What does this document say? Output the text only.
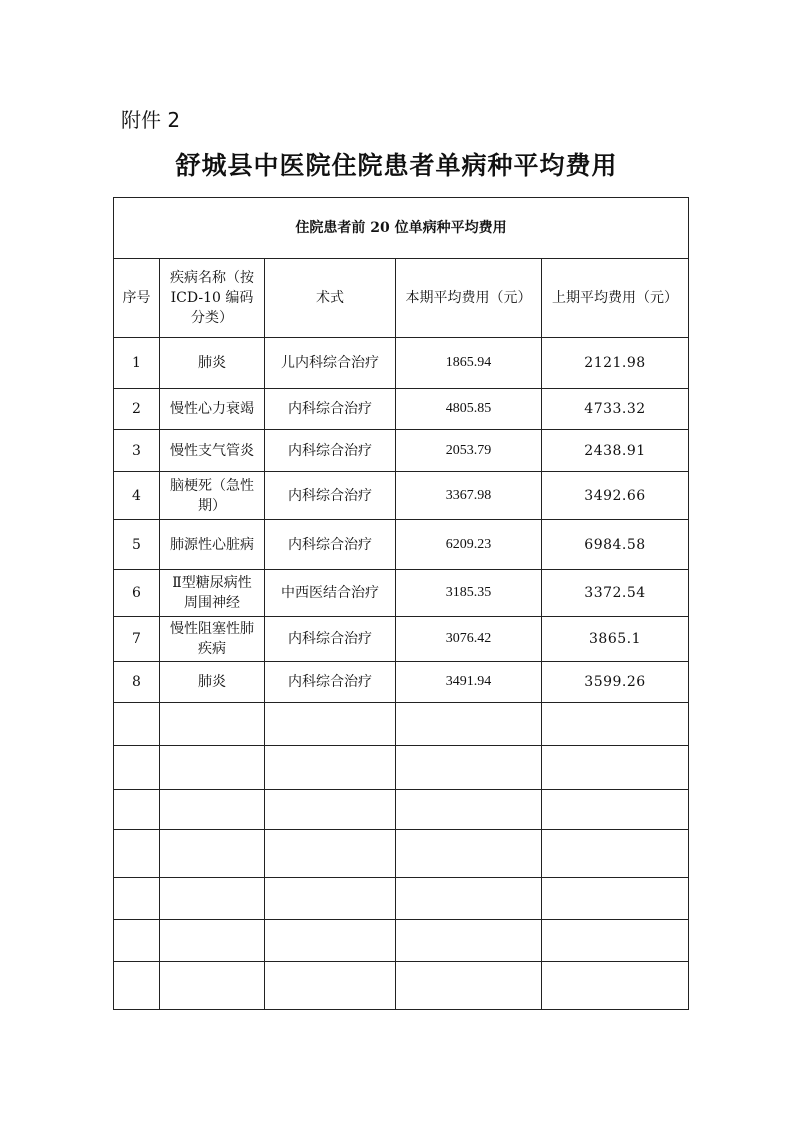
附件 2
舒城县中医院住院患者单病种平均费用
住院患者前 20 位单病种平均费用				
序号	疾病名称（按 ICD-10 编码分类）	术式	本期平均费用（元）	上期平均费用（元）
1	肺炎	儿内科综合治疗	1865.94	2121.98
2	慢性心力衰竭	内科综合治疗	4805.85	4733.32
3	慢性支气管炎	内科综合治疗	2053.79	2438.91
4	脑梗死（急性期）	内科综合治疗	3367.98	3492.66
5	肺源性心脏病	内科综合治疗	6209.23	6984.58
6	Ⅱ型糖尿病性周围神经	中西医结合治疗	3185.35	3372.54
7	慢性阻塞性肺疾病	内科综合治疗	3076.42	3865.1
8	肺炎	内科综合治疗	3491.94	3599.26
